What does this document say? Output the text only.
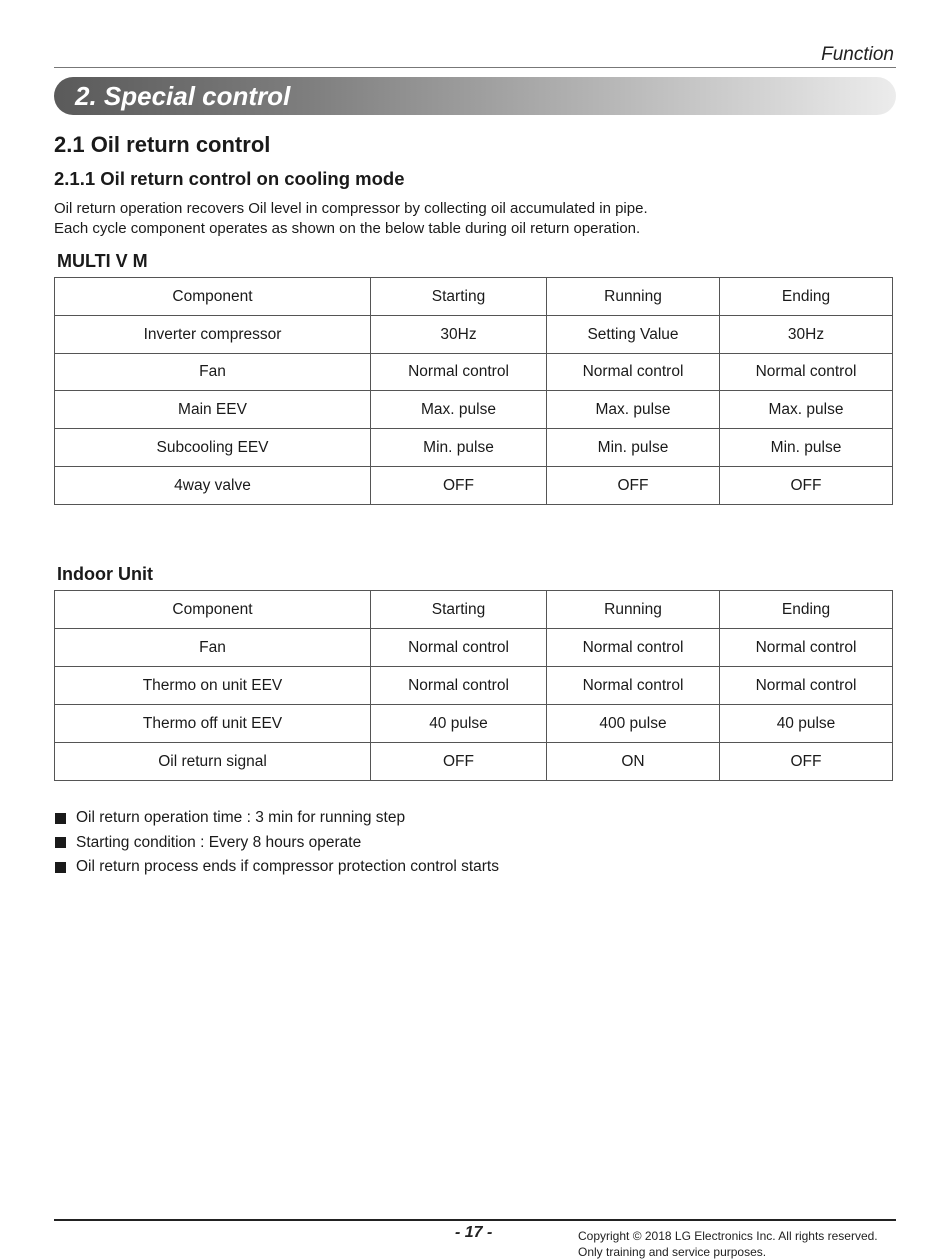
Function
2. Special control
2.1 Oil return control
2.1.1 Oil return control on cooling mode
Oil return operation recovers Oil level in compressor by collecting oil accumulated in pipe.
Each cycle component operates as shown on the below table during oil return operation.
MULTI V M
Component	Starting	Running	Ending
Inverter compressor	30Hz	Setting Value	30Hz
Fan	Normal control	Normal control	Normal control
Main EEV	Max. pulse	Max. pulse	Max. pulse
Subcooling EEV	Min. pulse	Min. pulse	Min. pulse
4way valve	OFF	OFF	OFF
Indoor Unit
Component	Starting	Running	Ending
Fan	Normal control	Normal control	Normal control
Thermo on unit EEV	Normal control	Normal control	Normal control
Thermo off unit EEV	40 pulse	400 pulse	40 pulse
Oil return signal	OFF	ON	OFF
Oil return operation time : 3 min for running step
Starting condition : Every 8 hours operate
Oil return process ends if compressor protection control starts
- 17 -	Copyright © 2018 LG Electronics Inc. All rights reserved.
Only training and service purposes.
